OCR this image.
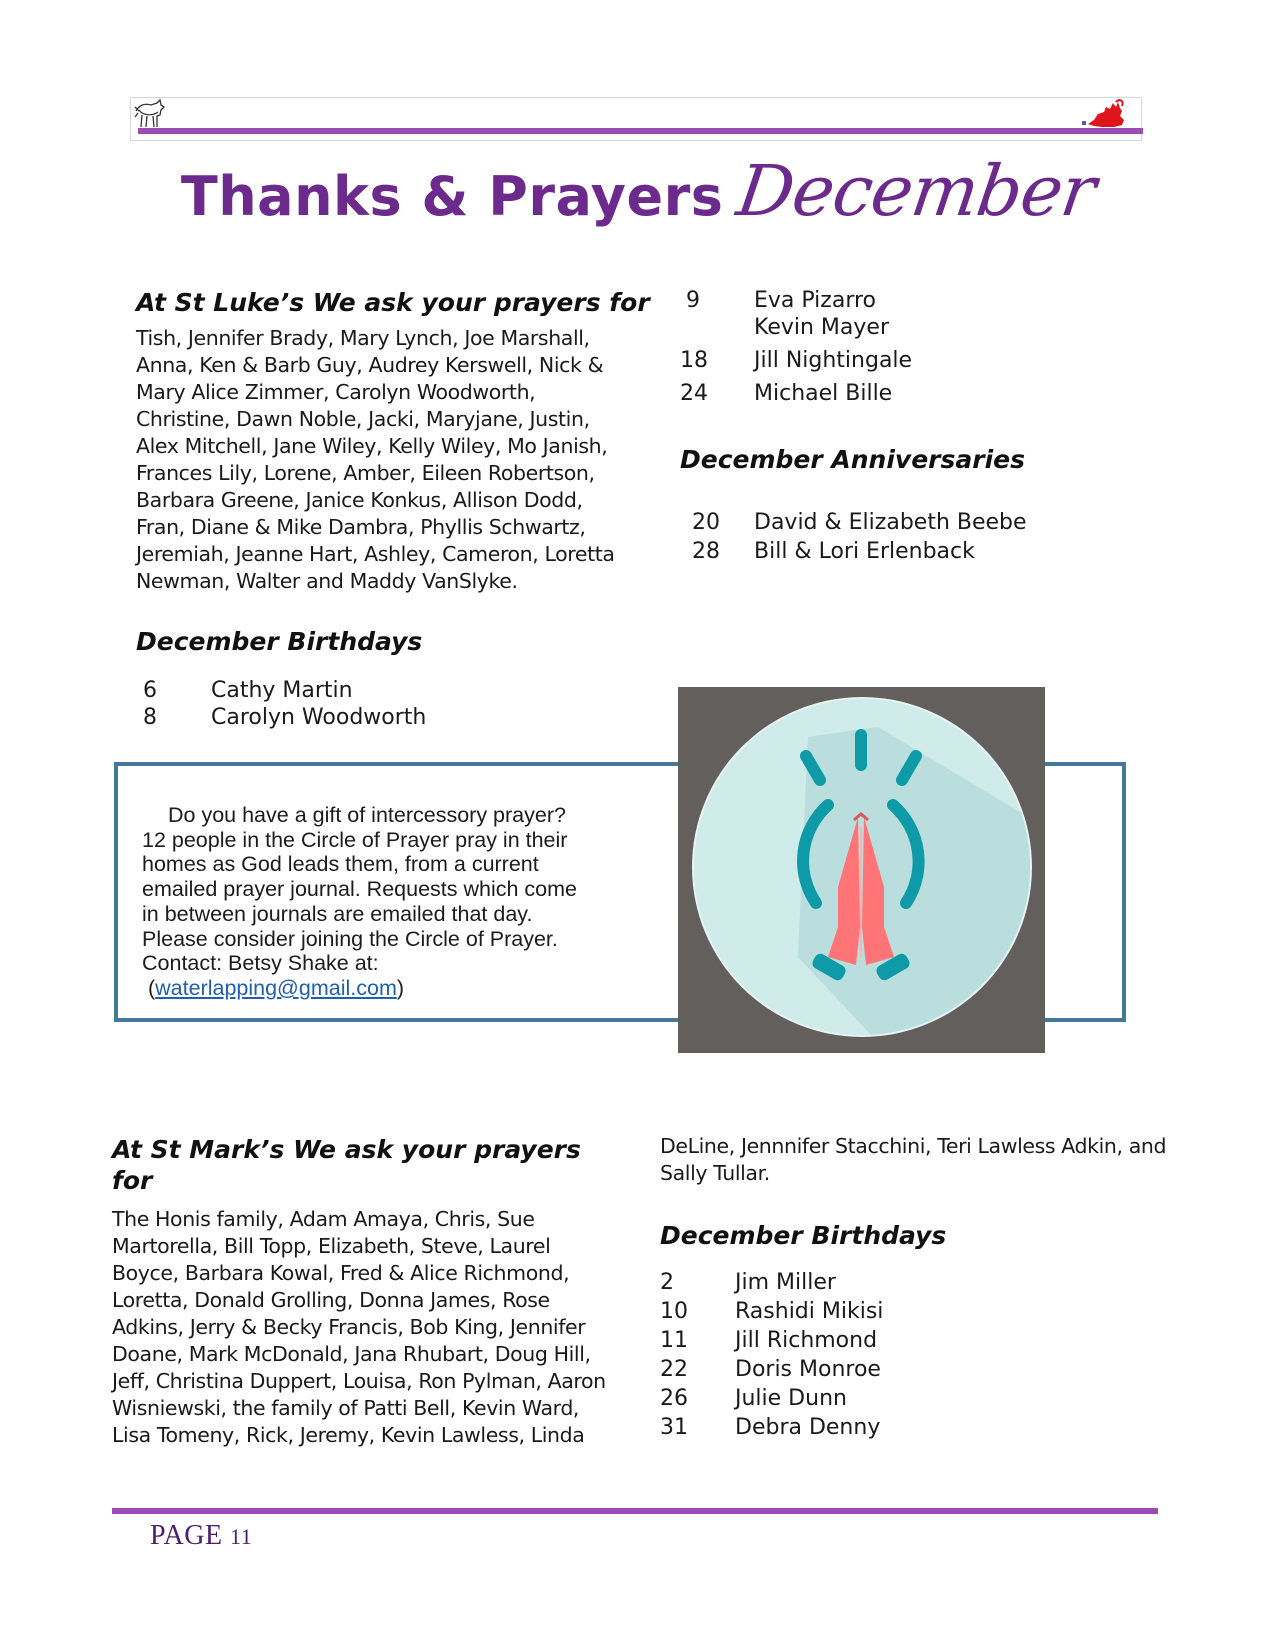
Thanks & Prayers December
At St Luke’s We ask your prayers for
Tish, Jennifer Brady, Mary Lynch, Joe Marshall,
Anna, Ken & Barb Guy, Audrey Kerswell, Nick &
Mary Alice Zimmer, Carolyn Woodworth,
Christine, Dawn Noble, Jacki, Maryjane, Justin,
Alex Mitchell, Jane Wiley, Kelly Wiley, Mo Janish,
Frances Lily, Lorene, Amber, Eileen Robertson,
Barbara Greene, Janice Konkus, Allison Dodd,
Fran, Diane & Mike Dambra, Phyllis Schwartz,
Jeremiah, Jeanne Hart, Ashley, Cameron, Loretta
Newman, Walter and Maddy VanSlyke.
December Birthdays
6 Cathy Martin
8 Carolyn Woodworth
9 Eva Pizarro
Kevin Mayer
18 Jill Nightingale
24 Michael Bille
December Anniversaries
20 David & Elizabeth Beebe
28 Bill & Lori Erlenback
Do you have a gift of intercessory prayer?
12 people in the Circle of Prayer pray in their
homes as God leads them, from a current
emailed prayer journal. Requests which come
in between journals are emailed that day.
Please consider joining the Circle of Prayer.
Contact: Betsy Shake at:
(waterlapping@gmail.com)
At St Mark’s We ask your prayers
for
The Honis family, Adam Amaya, Chris, Sue
Martorella, Bill Topp, Elizabeth, Steve, Laurel
Boyce, Barbara Kowal, Fred & Alice Richmond,
Loretta, Donald Grolling, Donna James, Rose
Adkins, Jerry & Becky Francis, Bob King, Jennifer
Doane, Mark McDonald, Jana Rhubart, Doug Hill,
Jeff, Christina Duppert, Louisa, Ron Pylman, Aaron
Wisniewski, the family of Patti Bell, Kevin Ward,
Lisa Tomeny, Rick, Jeremy, Kevin Lawless, Linda
DeLine, Jennnifer Stacchini, Teri Lawless Adkin, and
Sally Tullar.
December Birthdays
2	Jim Miller
10 Rashidi Mikisi
11 Jill Richmond
22 Doris Monroe
26 Julie Dunn
31 Debra Denny
PAGE 11
